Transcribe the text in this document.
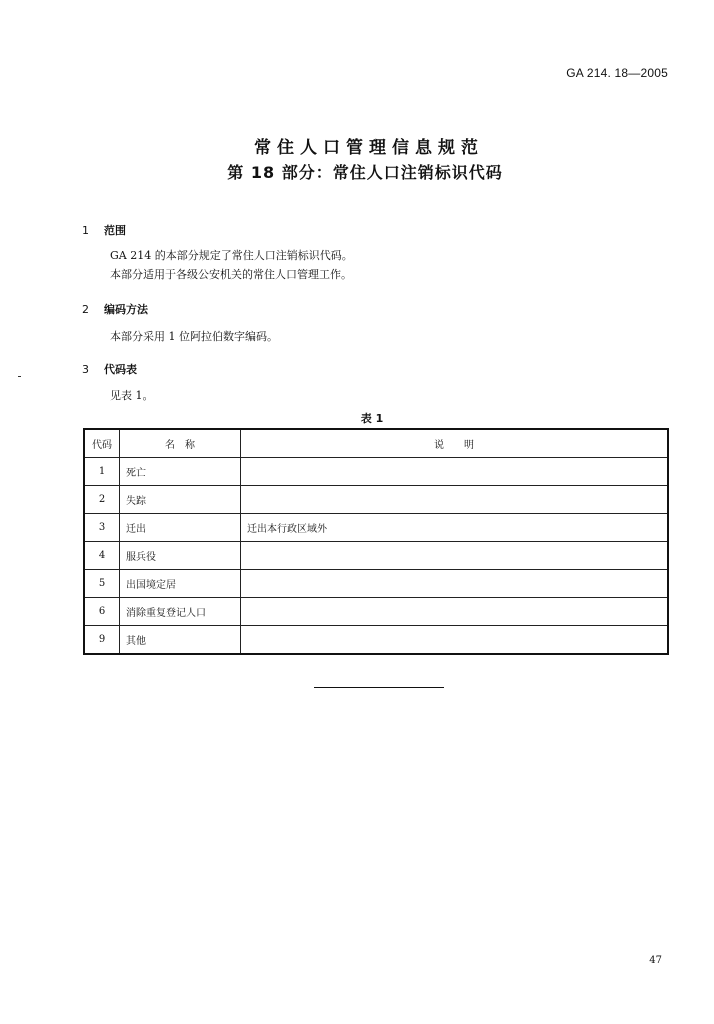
GA 214. 18—2005
常住人口管理信息规范
第 18 部分：常住人口注销标识代码
1 范围
GA 214 的本部分规定了常住人口注销标识代码。
本部分适用于各级公安机关的常住人口管理工作。
2 编码方法
本部分采用 1 位阿拉伯数字编码。
3 代码表
见表 1。
表 1
代码	名　称	说　　明
1	死亡	
2	失踪	
3	迁出	迁出本行政区域外
4	服兵役	
5	出国境定居	
6	消除重复登记人口	
9	其他	
47
